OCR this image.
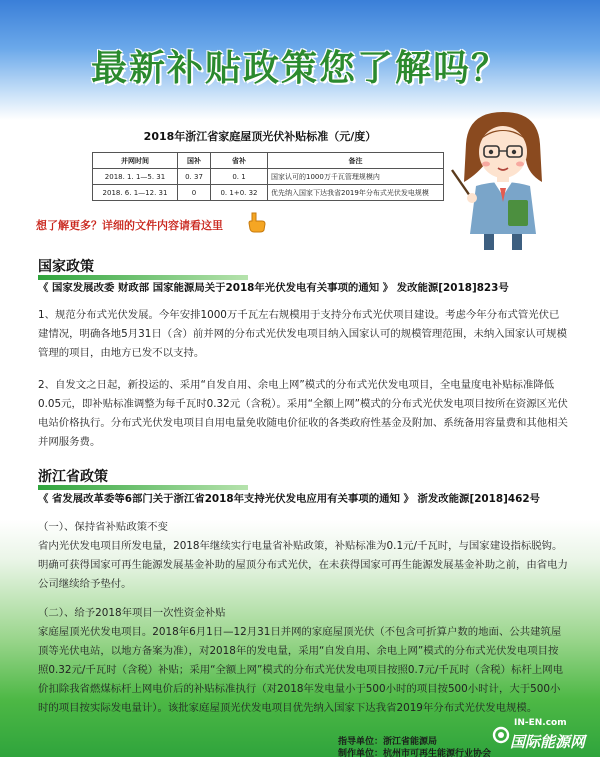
最新补贴政策您了解吗？
2018年浙江省家庭屋顶光伏补贴标准（元/度）
并网时间	国补	省补	备注
2018. 1. 1—5. 31	0. 37	0. 1	国家认可的1000万千瓦管理规模内
2018. 6. 1—12. 31	0	0. 1+0. 32	优先纳入国家下达我省2019年分布式光伏发电规模
想了解更多？详细的文件内容请看这里
国家政策
《 国家发展改委 财政部 国家能源局关于2018年光伏发电有关事项的通知 》 发改能源[2018]823号

1、规范分布式光伏发展。今年安排1000万千瓦左右规模用于支持分布式光伏项目建设。考虑今年分布式管光伏已建情况，明确各地5月31日（含）前并网的分布式光伏发电项目纳入国家认可的规模管理范围，未纳入国家认可规模管理的项目，由地方已发不以支持。

2、自发文之日起，新投运的、采用“自发自用、余电上网”模式的分布式光伏发电项目，全电量度电补贴标准降低0.05元，即补贴标准调整为每千瓦时0.32元（含税）。采用“全额上网”模式的分布式光伏发电项目按所在资源区光伏电站价格执行。分布式光伏发电项目自用电量免收随电价征收的各类政府性基金及附加、系统备用容量费和其他相关并网服务费。

浙江省政策
《 省发展改革委等6部门关于浙江省2018年支持光伏发电应用有关事项的通知 》 浙发改能源[2018]462号

（一）、保持省补贴政策不变

省内光伏发电项目所发电量，2018年继续实行电量省补贴政策，补贴标准为0.1元/千瓦时，与国家建设指标脱钩。明确可获得国家可再生能源发展基金补助的屋顶分布式光伏，在未获得国家可再生能源发展基金补助之前，由省电力公司继续给予垫付。

（二）、给予2018年项目一次性资金补贴

家庭屋顶光伏发电项目。2018年6月1日—12月31日并网的家庭屋顶光伏（不包含可折算户数的地面、公共建筑屋顶等光伏电站，以地方备案为准），对2018年的发电量，采用“自发自用、余电上网”模式的分布式光伏发电项目按照0.32元/千瓦时（含税）补贴；采用“全额上网”模式的分布式光伏发电项目按照0.7元/千瓦时（含税）标杆上网电价扣除我省燃煤标杆上网电价后的补贴标准执行（对2018年发电量小于500小时的项目按500小时计，大于500小时的项目按实际发电量计）。该批家庭屋顶光伏发电项目优先纳入国家下达我省2019年分布式光伏发电规模。

指导单位：浙江省能源局
制作单位：杭州市可再生能源行业协会
IN-EN.com
国际能源网
